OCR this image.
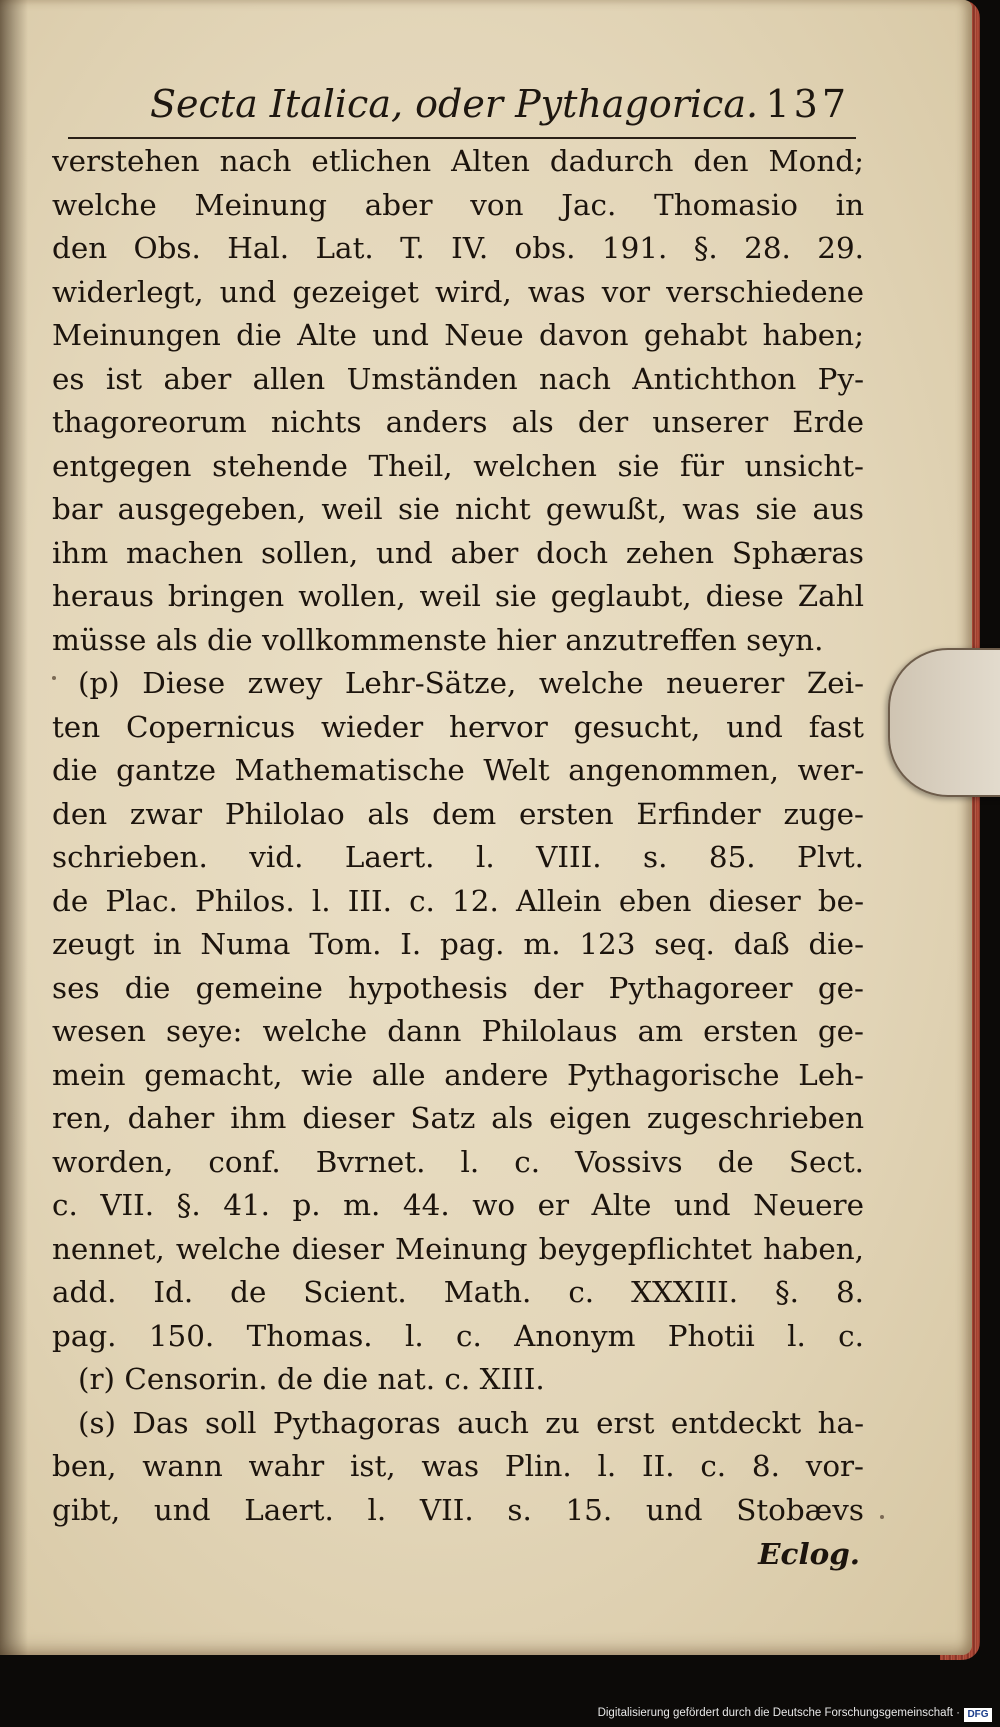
Secta Italica, oder Pythagorica. 137
verstehen nach etlichen Alten dadurch den Mond;
welche Meinung aber von Jac. Thomasio in
den Obs. Hal. Lat. T. IV. obs. 191. §. 28. 29.
widerlegt, und gezeiget wird, was vor verschiedene
Meinungen die Alte und Neue davon gehabt haben;
es ist aber allen Umständen nach Antichthon Py-
thagoreorum nichts anders als der unserer Erde
entgegen stehende Theil, welchen sie für unsicht-
bar ausgegeben, weil sie nicht gewußt, was sie aus
ihm machen sollen, und aber doch zehen Sphæras
heraus bringen wollen, weil sie geglaubt, diese Zahl
müsse als die vollkommenste hier anzutreffen seyn.
(p) Diese zwey Lehr-Sätze, welche neuerer Zei-
ten Copernicus wieder hervor gesucht, und fast
die gantze Mathematische Welt angenommen, wer-
den zwar Philolao als dem ersten Erfinder zuge-
schrieben. vid. Laert. l. VIII. s. 85. Plvt.
de Plac. Philos. l. III. c. 12. Allein eben dieser be-
zeugt in Numa Tom. I. pag. m. 123 seq. daß die-
ses die gemeine hypothesis der Pythagoreer ge-
wesen seye: welche dann Philolaus am ersten ge-
mein gemacht, wie alle andere Pythagorische Leh-
ren, daher ihm dieser Satz als eigen zugeschrieben
worden, conf. Bvrnet. l. c. Vossivs de Sect.
c. VII. §. 41. p. m. 44. wo er Alte und Neuere
nennet, welche dieser Meinung beygepflichtet haben,
add. Id. de Scient. Math. c. XXXIII. §. 8.
pag. 150. Thomas. l. c. Anonym Photii l. c.
(r) Censorin. de die nat. c. XIII.
(s) Das soll Pythagoras auch zu erst entdeckt ha-
ben, wann wahr ist, was Plin. l. II. c. 8. vor-
gibt, und Laert. l. VII. s. 15. und Stobævs
Eclog.
Digitalisierung gefördert durch die Deutsche Forschungsgemeinschaft · DFG
